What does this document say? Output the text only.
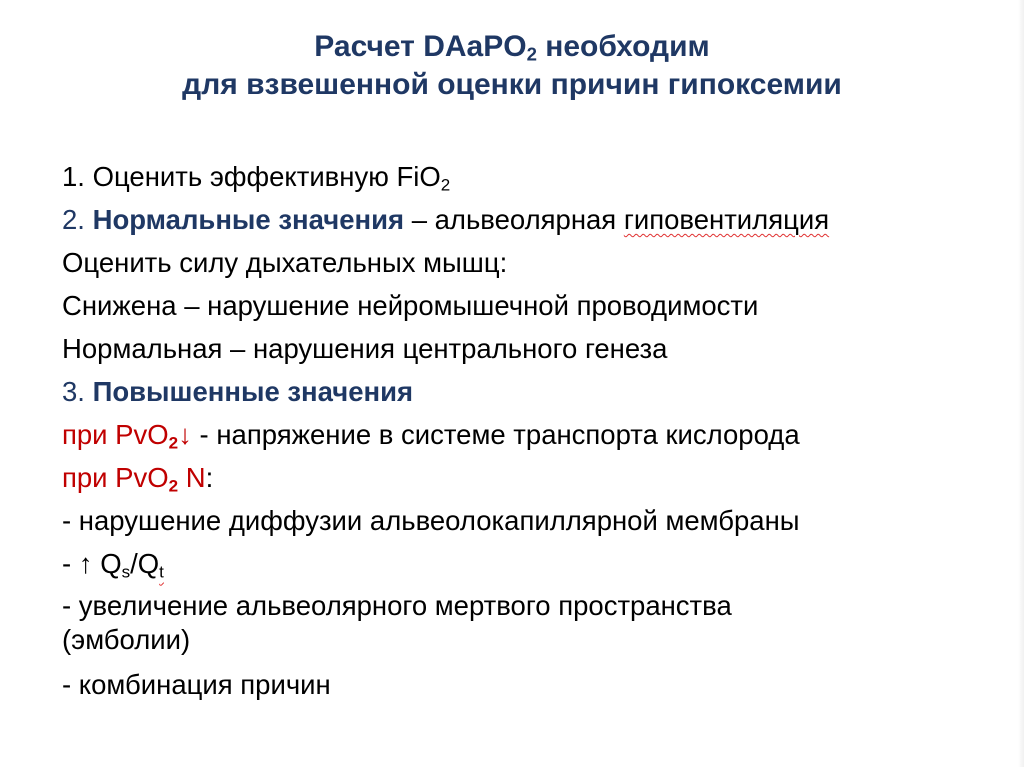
Расчет DAaPO$_2$ необходим
для взвешенной оценки причин гипоксемии
1. Оценить эффективную FiO$_2$
2. Нормальные значения – альвеолярная гиповентиляция
Оценить силу дыхательных мышц:
Снижена – нарушение нейромышечной проводимости
Нормальная – нарушения центрального генеза
3. Повышенные значения
при PvO$_2$↓ - напряжение в системе транспорта кислорода
при PvO$_2$ N:
- нарушение диффузии альвеолокапиллярной мембраны
- ↑ $Q_s/Q_t$
- увеличение альвеолярного мертвого пространства
(эмболии)
- комбинация причин
